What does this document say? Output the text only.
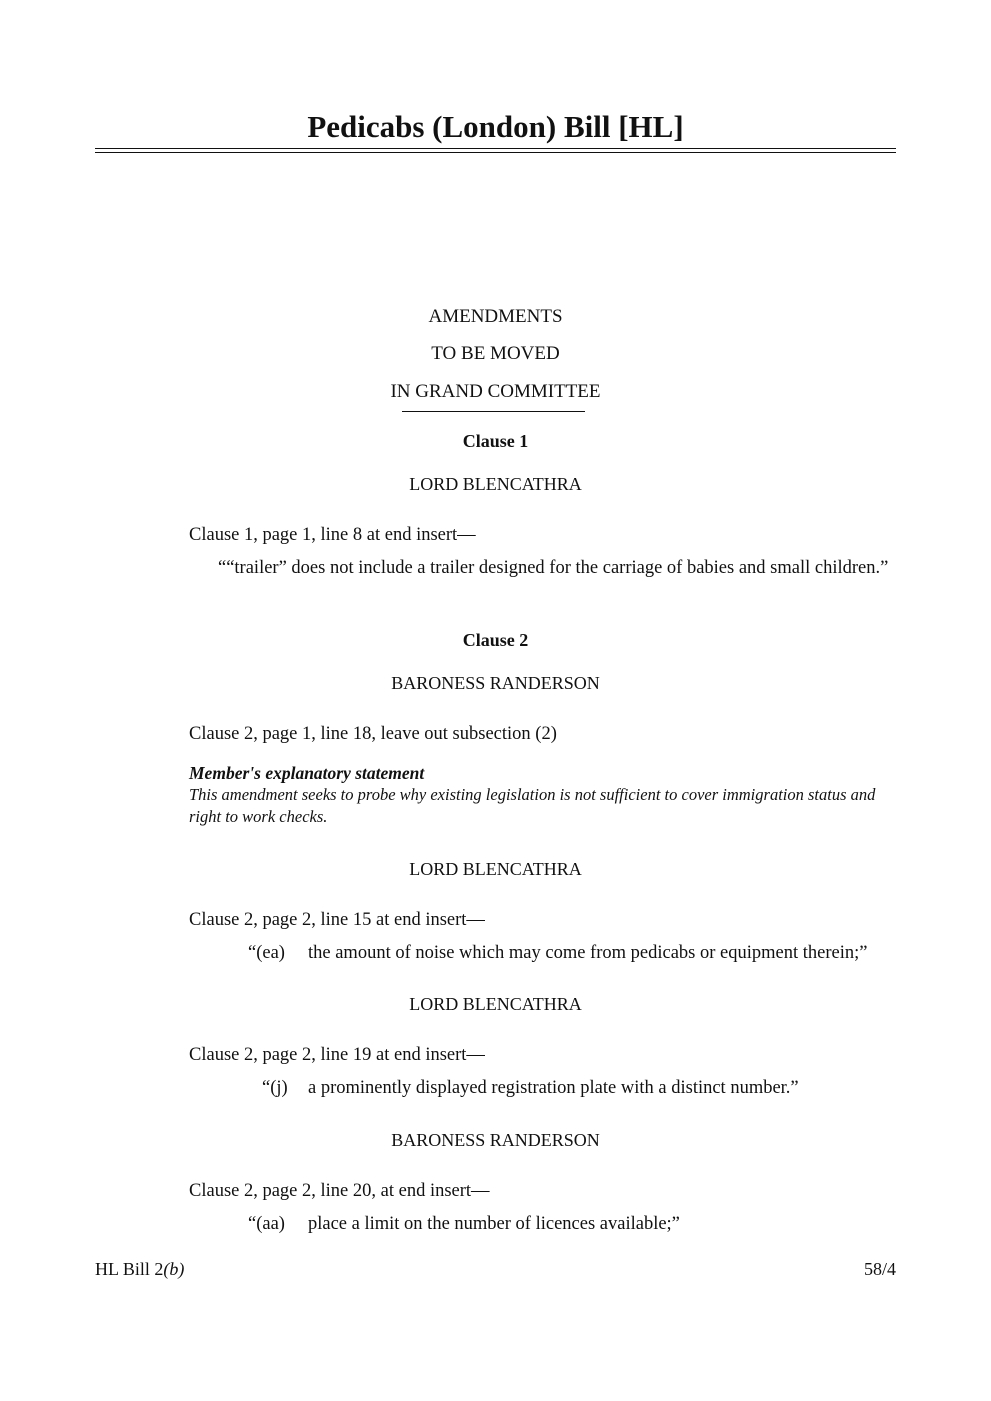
Pedicabs (London) Bill [HL]
AMENDMENTS
TO BE MOVED
IN GRAND COMMITTEE
Clause 1
LORD BLENCATHRA
Clause 1, page 1, line 8 at end insert—
““trailer” does not include a trailer designed for the carriage of babies and small children.”
Clause 2
BARONESS RANDERSON
Clause 2, page 1, line 18, leave out subsection (2)
Member's explanatory statement
This amendment seeks to probe why existing legislation is not sufficient to cover immigration status and right to work checks.
LORD BLENCATHRA
Clause 2, page 2, line 15 at end insert—
“(ea) the amount of noise which may come from pedicabs or equipment therein;”
LORD BLENCATHRA
Clause 2, page 2, line 19 at end insert—
“(j) a prominently displayed registration plate with a distinct number.”
BARONESS RANDERSON
Clause 2, page 2, line 20, at end insert—
“(aa) place a limit on the number of licences available;”
HL Bill 2(b)	58/4
